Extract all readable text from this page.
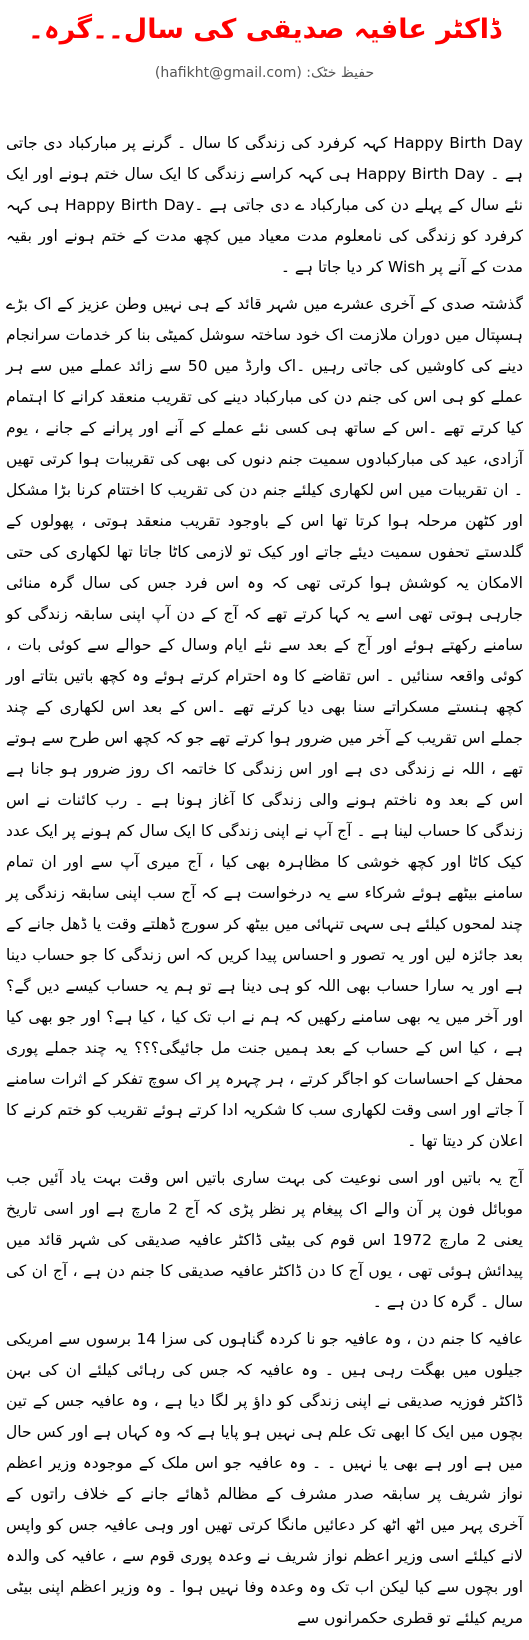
ڈاکٹر عافیہ صدیقی کی سال۔۔گرہ۔
حفیظ خٹک: (hafikht@gmail.com)

Happy Birth Day کہہ کرفرد کی زندگی کا سال ۔ گرنے پر مبارکباد دی جاتی ہے ۔ Happy Birth Day ہی کہہ کراسے زندگی کا ایک سال ختم ہونے اور ایک نئے سال کے پہلے دن کی مبارکباد ے دی جاتی ہے ۔Happy Birth Day ہی کہہ کرفرد کو زندگی کی نامعلوم مدت معیاد میں کچھ مدت کے ختم ہونے اور بقیہ مدت کے آنے پر Wish کر دیا جاتا ہے ۔

گذشتہ صدی کے آخری عشرے میں شہر قائد کے ہی نہیں وطن عزیز کے اک بڑے ہسپتال میں دوران ملازمت اک خود ساختہ سوشل کمیٹی بنا کر خدمات سرانجام دینے کی کاوشیں کی جاتی رہیں ۔اک وارڈ میں 50 سے زائد عملے میں سے ہر عملے کو ہی اس کی جنم دن کی مبارکباد دینے کی تقریب منعقد کرانے کا اہتمام کیا کرتے تھے ۔اس کے ساتھ ہی کسی نئے عملے کے آنے اور پرانے کے جانے ، یوم آزادی، عید کی مبارکبادوں سمیت جنم دنوں کی بھی کی تقریبات ہوا کرتی تھیں ۔ ان تقریبات میں اس لکھاری کیلئے جنم دن کی تقریب کا اختتام کرنا بڑا مشکل اور کٹھن مرحلہ ہوا کرتا تھا اس کے باوجود تقریب منعقد ہوتی ، پھولوں کے گلدستے تحفوں سمیت دیئے جاتے اور کیک تو لازمی کاٹا جاتا تھا لکھاری کی حتی الامکان یہ کوشش ہوا کرتی تھی کہ وہ اس فرد جس کی سال گرہ منائی جارہی ہوتی تھی اسے یہ کہا کرتے تھے کہ آج کے دن آپ اپنی سابقہ زندگی کو سامنے رکھتے ہوئے اور آج کے بعد سے نئے ایام وسال کے حوالے سے کوئی بات ، کوئی واقعہ سنائیں ۔ اس تقاضے کا وہ احترام کرتے ہوئے وہ کچھ باتیں بتاتے اور کچھ ہنستے مسکراتے سنا بھی دیا کرتے تھے ۔اس کے بعد اس لکھاری کے چند جملے اس تقریب کے آخر میں ضرور ہوا کرتے تھے جو کہ کچھ اس طرح سے ہوتے تھے ، اللہ نے زندگی دی ہے اور اس زندگی کا خاتمہ اک روز ضرور ہو جانا ہے اس کے بعد وہ ناختم ہونے والی زندگی کا آغاز ہونا ہے ۔ رب کائنات نے اس زندگی کا حساب لینا ہے ۔ آج آپ نے اپنی زندگی کا ایک سال کم ہونے پر ایک عدد کیک کاٹا اور کچھ خوشی کا مظاہرہ بھی کیا ، آج میری آپ سے اور ان تمام سامنے بیٹھے ہوئے شرکاء سے یہ درخواست ہے کہ آج سب اپنی سابقہ زندگی پر چند لمحوں کیلئے ہی سہی تنہائی میں بیٹھ کر سورج ڈھلتے وقت یا ڈھل جانے کے بعد جائزہ لیں اور یہ تصور و احساس پیدا کریں کہ اس زندگی کا جو حساب دینا ہے اور یہ سارا حساب بھی اللہ کو ہی دینا ہے تو ہم یہ حساب کیسے دیں گے؟ اور آخر میں یہ بھی سامنے رکھیں کہ ہم نے اب تک کیا ، کیا ہے؟ اور جو بھی کیا ہے ، کیا اس کے حساب کے بعد ہمیں جنت مل جائیگی؟؟؟ یہ چند جملے پوری محفل کے احساسات کو اجاگر کرتے ، ہر چہرہ پر اک سوچ تفکر کے اثرات سامنے آ جاتے اور اسی وقت لکھاری سب کا شکریہ ادا کرتے ہوئے تقریب کو ختم کرنے کا اعلان کر دیتا تھا ۔

آج یہ باتیں اور اسی نوعیت کی بہت ساری باتیں اس وقت بہت یاد آئیں جب موبائل فون پر آن والے اک پیغام پر نظر پڑی کہ آج 2 مارچ ہے اور اسی تاریخ یعنی 2 مارچ 1972 اس قوم کی بیٹی ڈاکٹر عافیہ صدیقی کی شہر قائد میں پیدائش ہوئی تھی ، یوں آج کا دن ڈاکٹر عافیہ صدیقی کا جنم دن ہے ، آج ان کی سال ۔ گرہ کا دن ہے ۔

عافیہ کا جنم دن ، وہ عافیہ جو نا کردہ گناہوں کی سزا 14 برسوں سے امریکی جیلوں میں بھگت رہی ہیں ۔ وہ عافیہ کہ جس کی رہائی کیلئے ان کی بہن ڈاکٹر فوزیہ صدیقی نے اپنی زندگی کو داؤ پر لگا دیا ہے ، وہ عافیہ جس کے تین بچوں میں ایک کا ابھی تک علم ہی نہیں ہو پایا ہے کہ وہ کہاں ہے اور کس حال میں ہے اور ہے بھی یا نہیں ۔ ۔ وہ عافیہ جو اس ملک کے موجودہ وزیر اعظم نواز شریف پر سابقہ صدر مشرف کے مظالم ڈھائے جانے کے خلاف راتوں کے آخری پہر میں اٹھ اٹھ کر دعائیں مانگا کرتی تھیں اور وہی عافیہ جس کو واپس لانے کیلئے اسی وزیر اعظم نواز شریف نے وعدہ پوری قوم سے ، عافیہ کی والدہ اور بچوں سے کیا لیکن اب تک وہ وعدہ وفا نہیں ہوا ۔ وہ وزیر اعظم اپنی بیٹی مریم کیلئے تو قطری حکمرانوں سے
